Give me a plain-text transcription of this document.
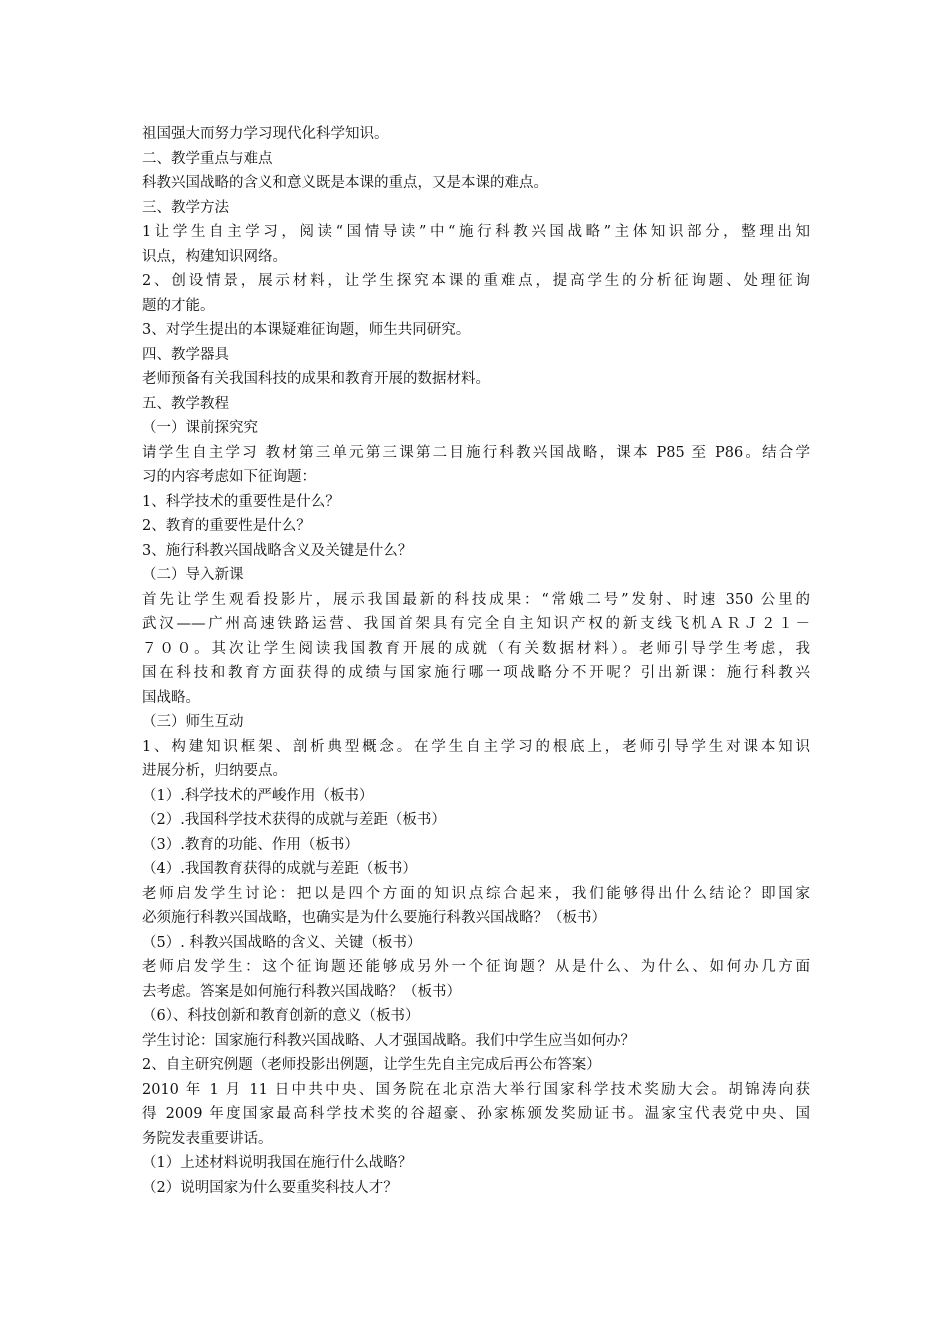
祖国强大而努力学习现代化科学知识。
二、教学重点与难点
科教兴国战略的含义和意义既是本课的重点，又是本课的难点。
三、教学方法
1让学生自主学习，阅读“国情导读”中“施行科教兴国战略”主体知识部分，整理出知
识点，构建知识网络。
2、创设情景，展示材料，让学生探究本课的重难点，提高学生的分析征询题、处理征询
题的才能。
3、对学生提出的本课疑难征询题，师生共同研究。
四、教学器具
老师预备有关我国科技的成果和教育开展的数据材料。
五、教学教程
（一）课前探究究
请学生自主学习 教材第三单元第三课第二目施行科教兴国战略，课本 P85 至 P86。结合学
习的内容考虑如下征询题：
1、科学技术的重要性是什么？
2、教育的重要性是什么？
3、施行科教兴国战略含义及关键是什么？
（二）导入新课
首先让学生观看投影片，展示我国最新的科技成果：“常娥二号”发射、时速 350 公里的
武汉——广州高速铁路运营、我国首架具有完全自主知识产权的新支线飞机ＡＲＪ２１－
７００。其次让学生阅读我国教育开展的成就（有关数据材料）。老师引导学生考虑，我
国在科技和教育方面获得的成绩与国家施行哪一项战略分不开呢？引出新课：施行科教兴
国战略。
（三）师生互动
1、构建知识框架、剖析典型概念。在学生自主学习的根底上，老师引导学生对课本知识
进展分析，归纳要点。
（1）.科学技术的严峻作用（板书）
（2）.我国科学技术获得的成就与差距（板书）
（3）.教育的功能、作用（板书）
（4）.我国教育获得的成就与差距（板书）
老师启发学生讨论：把以是四个方面的知识点综合起来，我们能够得出什么结论？即国家
必须施行科教兴国战略，也确实是为什么要施行科教兴国战略？（板书）
（5）. 科教兴国战略的含义、关键（板书）
老师启发学生：这个征询题还能够成另外一个征询题？从是什么、为什么、如何办几方面
去考虑。答案是如何施行科教兴国战略？（板书）
（6）、科技创新和教育创新的意义（板书）
学生讨论：国家施行科教兴国战略、人才强国战略。我们中学生应当如何办？
2、自主研究例题（老师投影出例题，让学生先自主完成后再公布答案）
2010 年 1 月 11 日中共中央、国务院在北京浩大举行国家科学技术奖励大会。胡锦涛向获
得 2009 年度国家最高科学技术奖的谷超豪、孙家栋颁发奖励证书。温家宝代表党中央、国
务院发表重要讲话。
（1）上述材料说明我国在施行什么战略？
（2）说明国家为什么要重奖科技人才？
